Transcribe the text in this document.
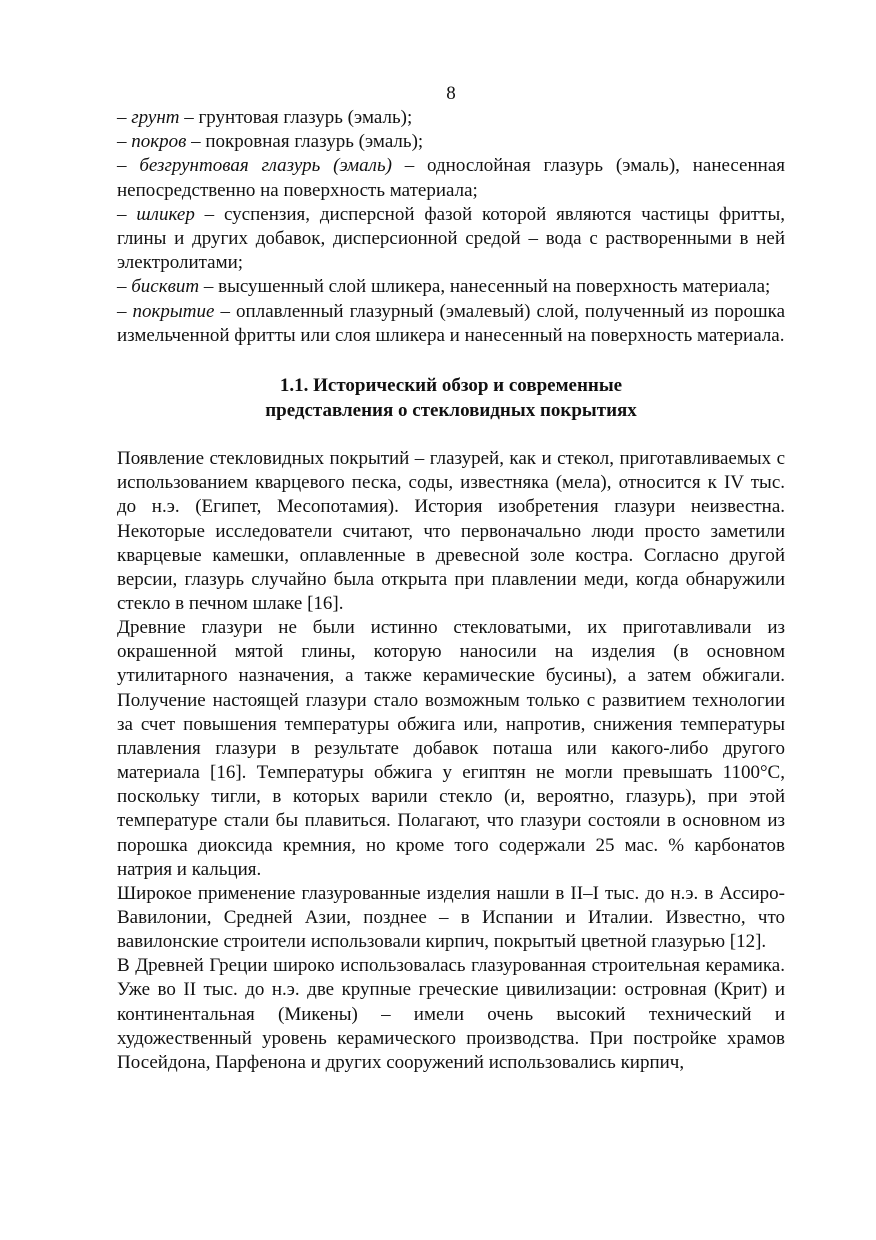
8
– грунт – грунтовая глазурь (эмаль);
– покров – покровная глазурь (эмаль);
– безгрунтовая глазурь (эмаль) – однослойная глазурь (эмаль), нанесенная непосредственно на поверхность материала;
– шликер – суспензия, дисперсной фазой которой являются частицы фритты, глины и других добавок, дисперсионной средой – вода с растворенными в ней электролитами;
– бисквит – высушенный слой шликера, нанесенный на поверхность материала;
– покрытие – оплавленный глазурный (эмалевый) слой, полученный из порошка измельченной фритты или слоя шликера и нанесенный на поверхность материала.
1.1. Исторический обзор и современные
представления о стекловидных покрытиях
Появление стекловидных покрытий – глазурей, как и стекол, приготавливаемых с использованием кварцевого песка, соды, известняка (мела), относится к IV тыс. до н.э. (Египет, Месопотамия). История изобретения глазури неизвестна. Некоторые исследователи считают, что первоначально люди просто заметили кварцевые камешки, оплавленные в древесной золе костра. Согласно другой версии, глазурь случайно была открыта при плавлении меди, когда обнаружили стекло в печном шлаке [16].
Древние глазури не были истинно стекловатыми, их приготавливали из окрашенной мятой глины, которую наносили на изделия (в основном утилитарного назначения, а также керамические бусины), а затем обжигали. Получение настоящей глазури стало возможным только с развитием технологии за счет повышения температуры обжига или, напротив, снижения температуры плавления глазури в результате добавок поташа или какого-либо другого материала [16]. Температуры обжига у египтян не могли превышать 1100°С, поскольку тигли, в которых варили стекло (и, вероятно, глазурь), при этой температуре стали бы плавиться. Полагают, что глазури состояли в основном из порошка диоксида кремния, но кроме того содержали 25 мас. % карбонатов натрия и кальция.
Широкое применение глазурованные изделия нашли в II–I тыс. до н.э. в Ассиро-Вавилонии, Средней Азии, позднее – в Испании и Италии. Известно, что вавилонские строители использовали кирпич, покрытый цветной глазурью [12].
В Древней Греции широко использовалась глазурованная строительная керамика. Уже во II тыс. до н.э. две крупные греческие цивилизации: островная (Крит) и континентальная (Микены) – имели очень высокий технический и художественный уровень керамического производства. При постройке храмов Посейдона, Парфенона и других сооружений использовались кирпич,
